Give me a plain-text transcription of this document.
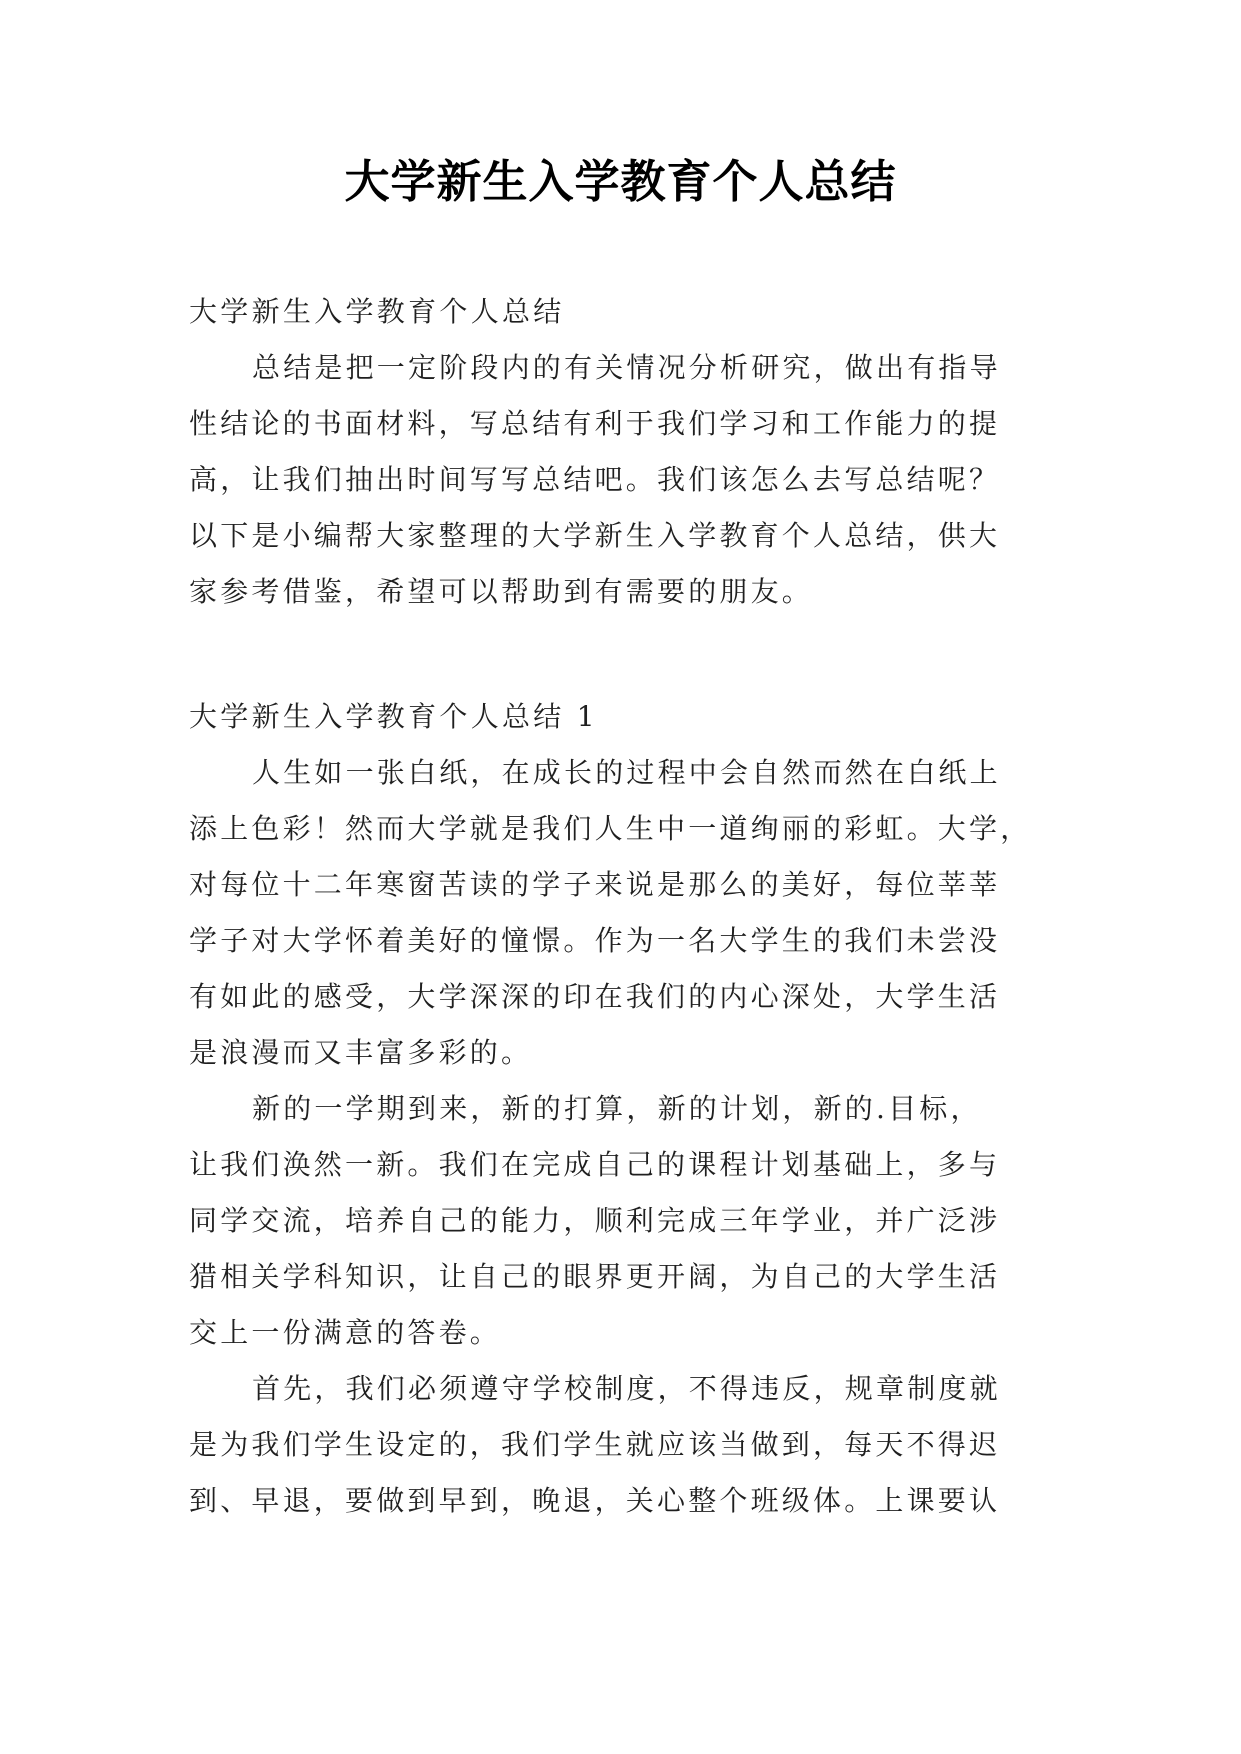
大学新生入学教育个人总结
大学新生入学教育个人总结
总结是把一定阶段内的有关情况分析研究，做出有指导
性结论的书面材料，写总结有利于我们学习和工作能力的提
高，让我们抽出时间写写总结吧。我们该怎么去写总结呢？
以下是小编帮大家整理的大学新生入学教育个人总结，供大
家参考借鉴，希望可以帮助到有需要的朋友。
大学新生入学教育个人总结 1
人生如一张白纸，在成长的过程中会自然而然在白纸上
添上色彩！然而大学就是我们人生中一道绚丽的彩虹。大学，
对每位十二年寒窗苦读的学子来说是那么的美好，每位莘莘
学子对大学怀着美好的憧憬。作为一名大学生的我们未尝没
有如此的感受，大学深深的印在我们的内心深处，大学生活
是浪漫而又丰富多彩的。
新的一学期到来，新的打算，新的计划，新的.目标，
让我们涣然一新。我们在完成自己的课程计划基础上，多与
同学交流，培养自己的能力，顺利完成三年学业，并广泛涉
猎相关学科知识，让自己的眼界更开阔，为自己的大学生活
交上一份满意的答卷。
首先，我们必须遵守学校制度，不得违反，规章制度就
是为我们学生设定的，我们学生就应该当做到，每天不得迟
到、早退，要做到早到，晚退，关心整个班级体。上课要认
